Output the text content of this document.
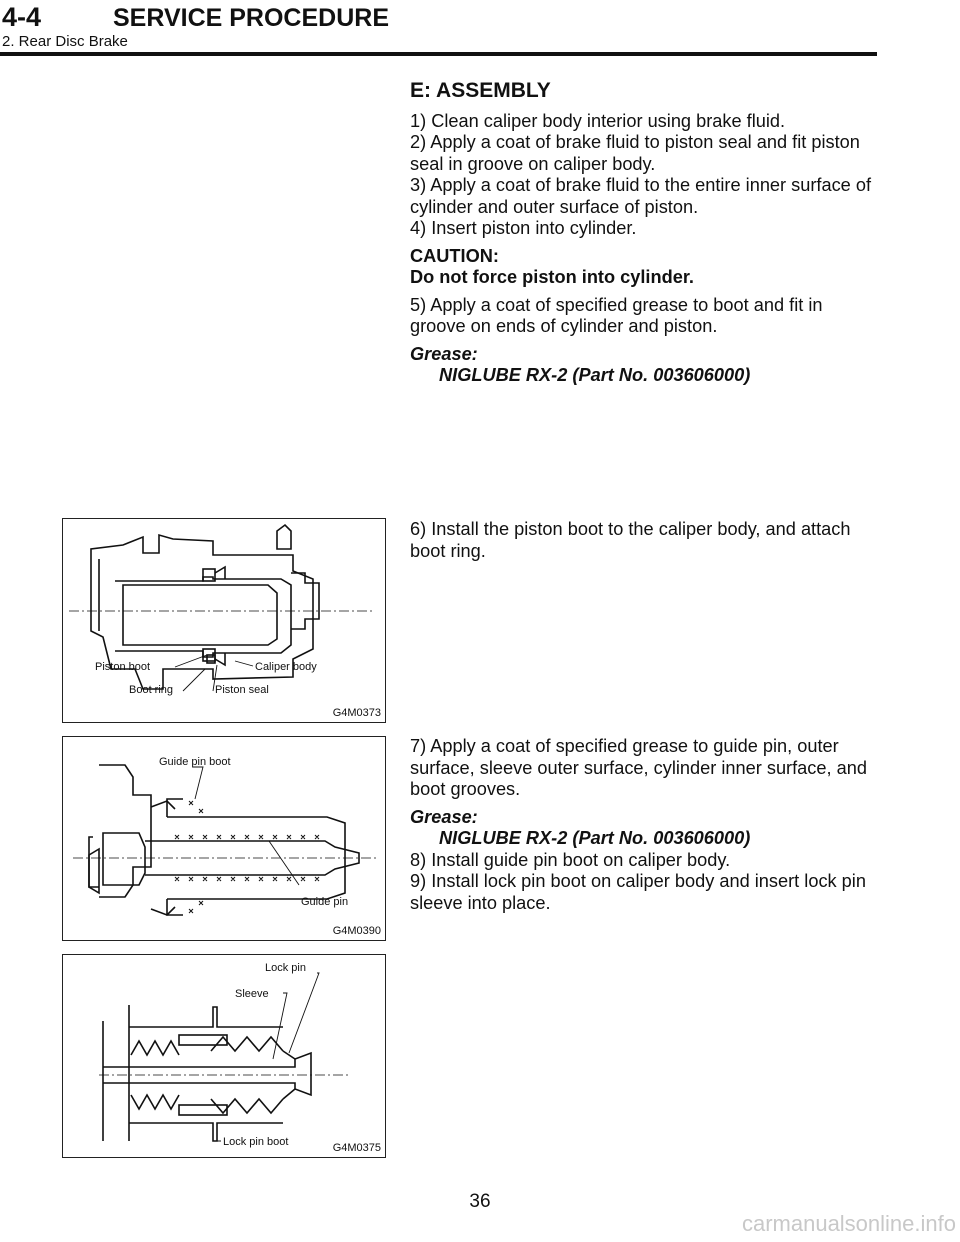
4-4	SERVICE PROCEDURE
2. Rear Disc Brake

E: ASSEMBLY

1) Clean caliper body interior using brake fluid.

2) Apply a coat of brake fluid to piston seal and fit piston seal in groove on caliper body.

3) Apply a coat of brake fluid to the entire inner surface of cylinder and outer surface of piston.

4) Insert piston into cylinder.

CAUTION:

Do not force piston into cylinder.

5) Apply a coat of specified grease to boot and fit in groove on ends of cylinder and piston.

Grease:

NIGLUBE RX-2 (Part No. 003606000)

6) Install the piston boot to the caliper body, and attach boot ring.

7) Apply a coat of specified grease to guide pin, outer surface, sleeve outer surface, cylinder inner surface, and boot grooves.

Grease:

NIGLUBE RX-2 (Part No. 003606000)

8) Install guide pin boot on caliper body.

9) Install lock pin boot on caliper body and insert lock pin sleeve into place.

Piston boot	Caliper body
Boot ring	Piston seal
G4M0373
Guide pin boot
Guide pin
G4M0390
Lock pin
Sleeve
Lock pin boot	G4M0375
36
carmanualsonline.info
